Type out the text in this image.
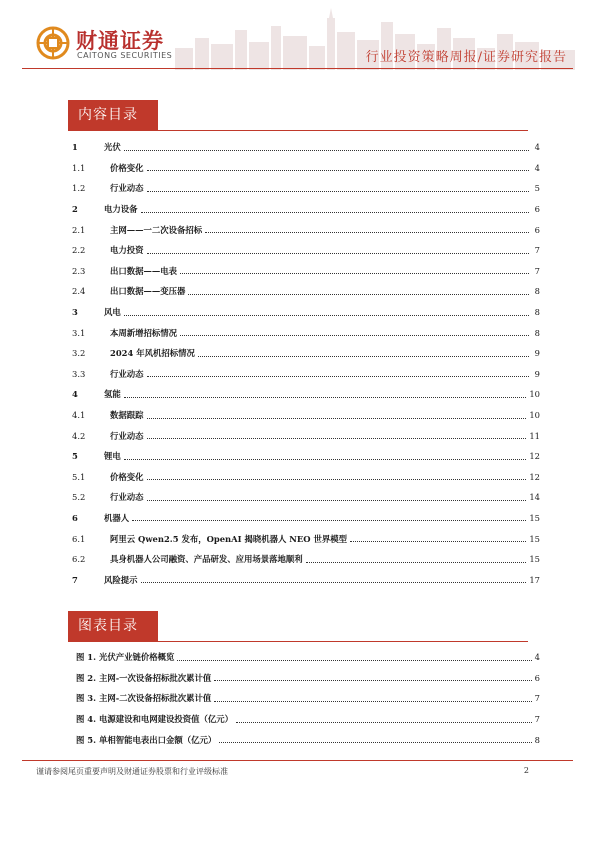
财通证券
CAITONG SECURITIES	行业投资策略周报/证券研究报告
内容目录
1	光伏	4
1.1	价格变化	4
1.2	行业动态	5
2	电力设备	6
2.1	主网——一二次设备招标	6
2.2	电力投资	7
2.3	出口数据——电表	7
2.4	出口数据——变压器	8
3	风电	8
3.1	本周新增招标情况	8
3.2	2024 年风机招标情况	9
3.3	行业动态	9
4	氢能	10
4.1	数据跟踪	10
4.2	行业动态	11
5	锂电	12
5.1	价格变化	12
5.2	行业动态	14
6	机器人	15
6.1	阿里云 Qwen2.5 发布，OpenAI 揭晓机器人 NEO 世界模型	15
6.2	具身机器人公司融资、产品研发、应用场景落地顺利	15
7	风险提示	17
图表目录
图 1. 光伏产业链价格概览	4
图 2. 主网-一次设备招标批次累计值	6
图 3. 主网-二次设备招标批次累计值	7
图 4. 电源建设和电网建设投资值（亿元）	7
图 5. 单相智能电表出口金额（亿元）	8
谨请参阅尾页重要声明及财通证券股票和行业评级标准	2
